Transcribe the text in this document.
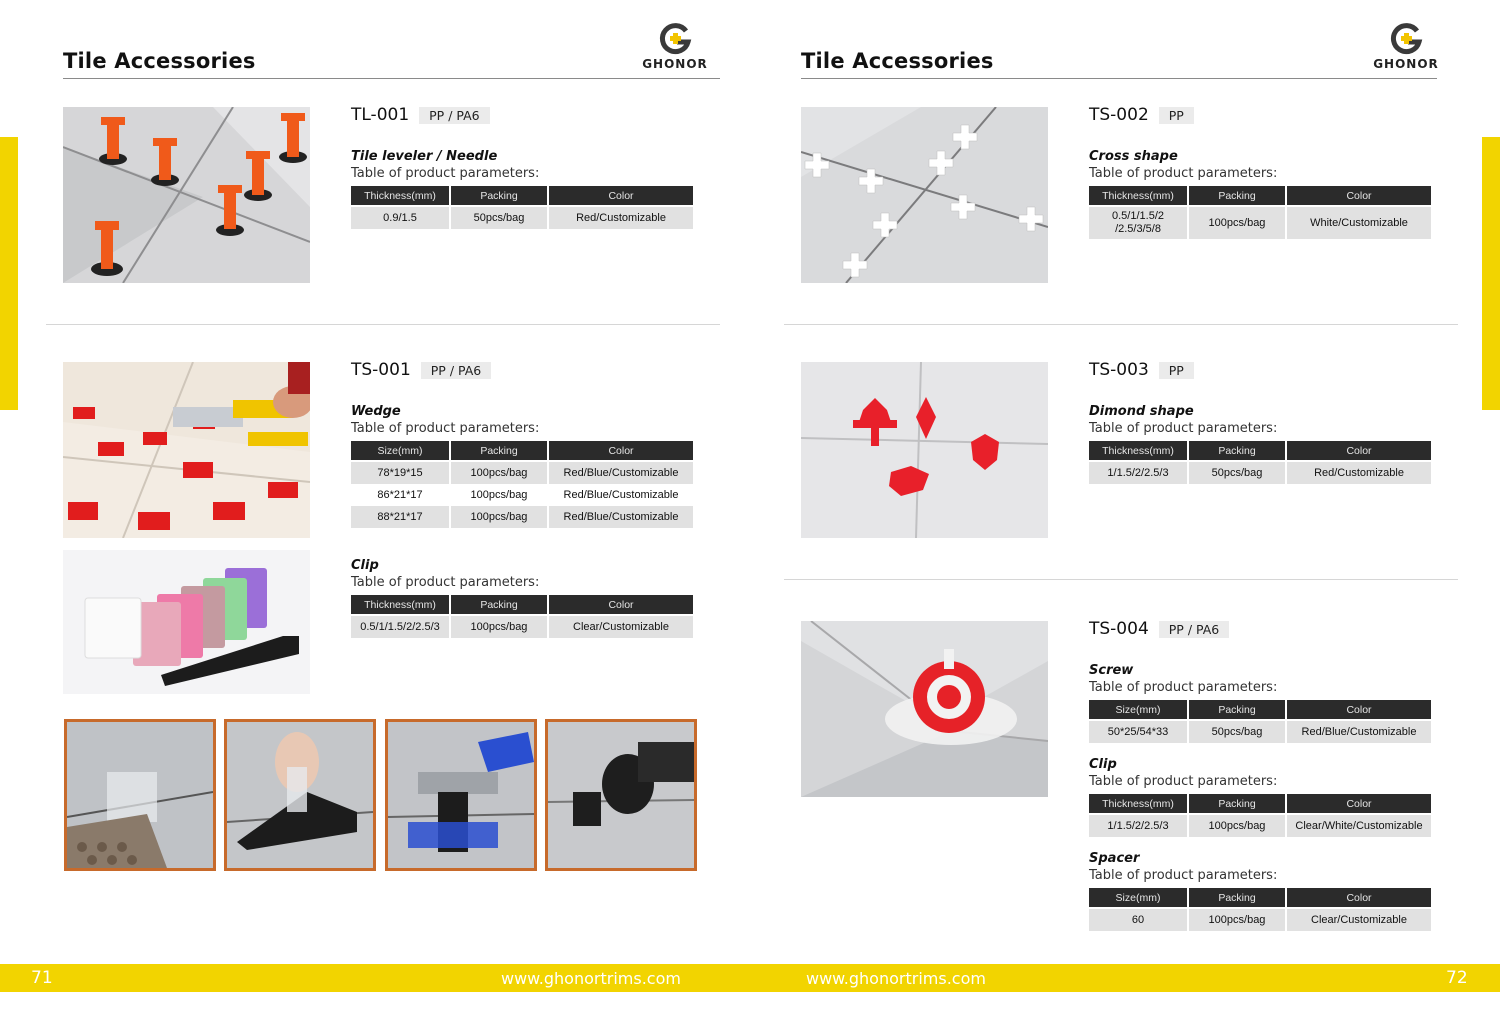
Tile Accessories	GHONOR	Tile Accessories	GHONOR
TL-001	PP / PA6
Tile leveler / Needle
Table of product parameters:
Thickness(mm)	Packing	Color

0.9/1.5	50pcs/bag	Red/Customizable
TS-001	PP / PA6
Wedge
Table of product parameters:
Size(mm)	Packing	Color

78*19*15	100pcs/bag	Red/Blue/Customizable
86*21*17	100pcs/bag	Red/Blue/Customizable
88*21*17	100pcs/bag	Red/Blue/Customizable
Clip
Table of product parameters:
Thickness(mm)	Packing	Color

0.5/1/1.5/2/2.5/3	100pcs/bag	Clear/Customizable
TS-002	PP
Cross shape
Table of product parameters:
Thickness(mm)	Packing	Color

0.5/1/1.5/2
/2.5/3/5/8	100pcs/bag	White/Customizable
TS-003	PP
Dimond shape
Table of product parameters:
Thickness(mm)	Packing	Color

1/1.5/2/2.5/3	50pcs/bag	Red/Customizable
TS-004	PP / PA6
Screw
Table of product parameters:
Size(mm)	Packing	Color

50*25/54*33	50pcs/bag	Red/Blue/Customizable
Clip
Table of product parameters:
Thickness(mm)	Packing	Color

1/1.5/2/2.5/3	100pcs/bag	Clear/White/Customizable
Spacer
Table of product parameters:
Size(mm)	Packing	Color

60	100pcs/bag	Clear/Customizable
71	www.ghonortrims.com	www.ghonortrims.com	72
